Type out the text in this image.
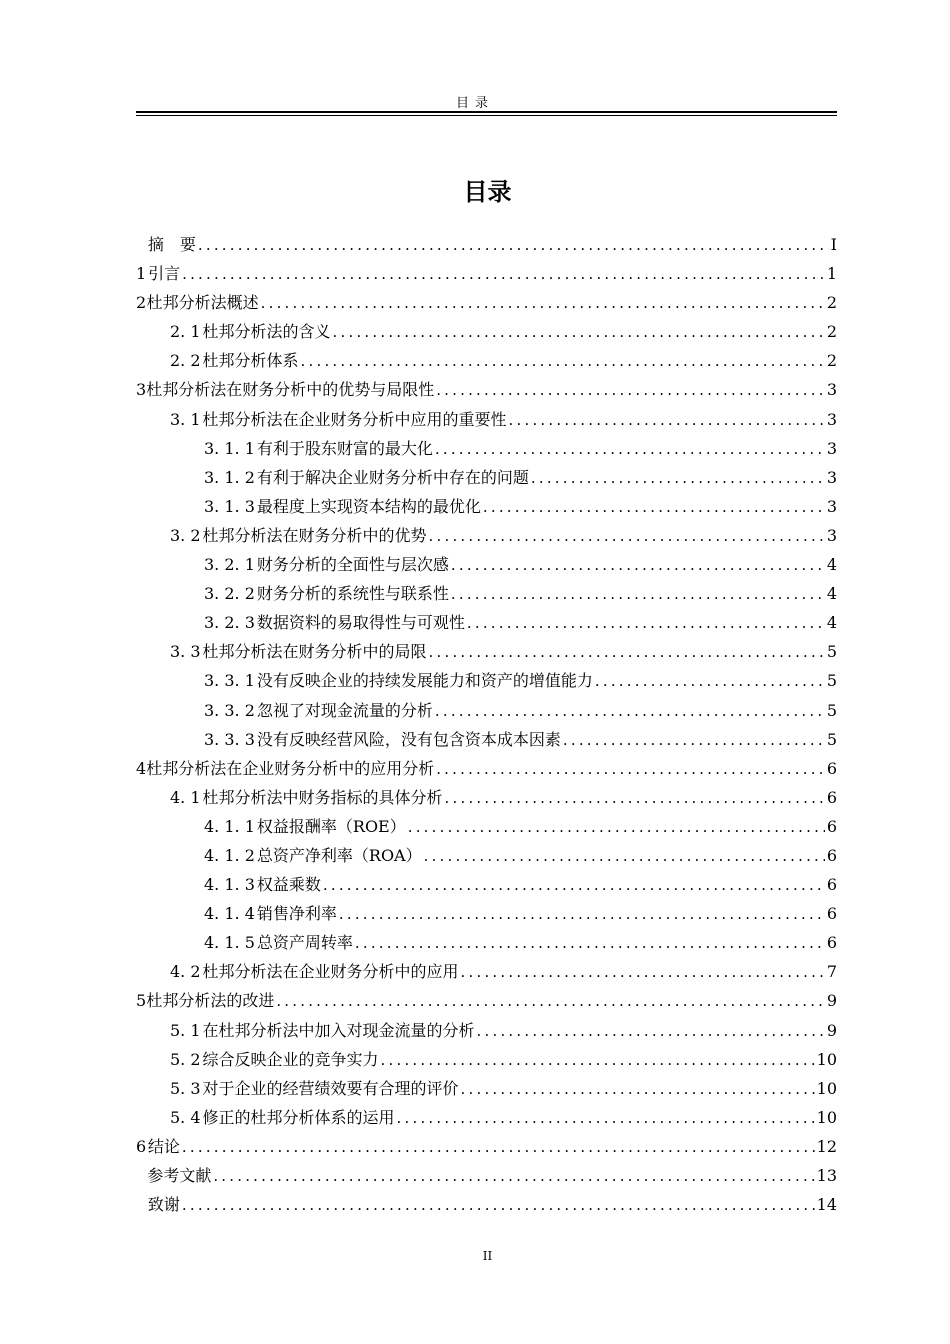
目录
目录
摘　要 .....	I
1 引言 .....	1
2 杜邦分析法概述 .....	2
2. 1 杜邦分析法的含义 .....	2
2. 2 杜邦分析体系 .....	2
3 杜邦分析法在财务分析中的优势与局限性 .....	3
3. 1 杜邦分析法在企业财务分析中应用的重要性 .....	3
3. 1. 1 有利于股东财富的最大化 .....	3
3. 1. 2 有利于解决企业财务分析中存在的问题 .....	3
3. 1. 3 最程度上实现资本结构的最优化 .....	3
3. 2 杜邦分析法在财务分析中的优势 .....	3
3. 2. 1 财务分析的全面性与层次感 .....	4
3. 2. 2 财务分析的系统性与联系性 .....	4
3. 2. 3 数据资料的易取得性与可观性 .....	4
3. 3 杜邦分析法在财务分析中的局限 .....	5
3. 3. 1 没有反映企业的持续发展能力和资产的增值能力 .....	5
3. 3. 2 忽视了对现金流量的分析 .....	5
3. 3. 3 没有反映经营风险，没有包含资本成本因素 .....	5
4 杜邦分析法在企业财务分析中的应用分析 .....	6
4. 1 杜邦分析法中财务指标的具体分析 .....	6
4. 1. 1 权益报酬率（ROE） .....	6
4. 1. 2 总资产净利率（ROA） .....	6
4. 1. 3 权益乘数 .....	6
4. 1. 4 销售净利率 .....	6
4. 1. 5 总资产周转率 .....	6
4. 2 杜邦分析法在企业财务分析中的应用 .....	7
5 杜邦分析法的改进 .....	9
5. 1 在杜邦分析法中加入对现金流量的分析 .....	9
5. 2 综合反映企业的竞争实力 .....	10
5. 3 对于企业的经营绩效要有合理的评价 .....	10
5. 4 修正的杜邦分析体系的运用 .....	10
6 结论 .....	12
参考文献 .....	13
致谢 .....	14
II
